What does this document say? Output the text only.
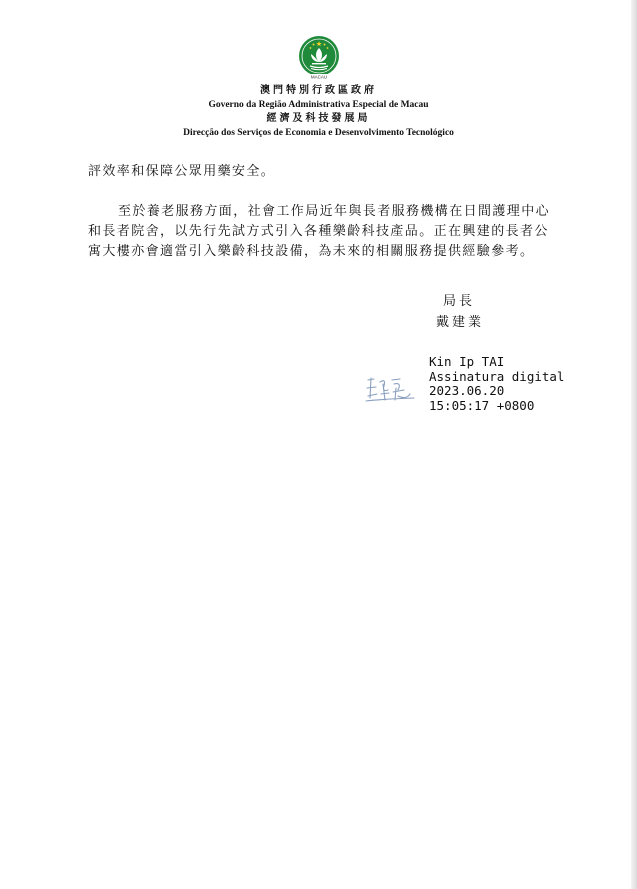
MACAU
澳門特別行政區政府
Governo da Região Administrativa Especial de Macau
經濟及科技發展局
Direcção dos Serviços de Economia e Desenvolvimento Tecnológico
評效率和保障公眾用藥安全。
至於養老服務方面，社會工作局近年與長者服務機構在日間護理中心
和長者院舍，以先行先試方式引入各種樂齡科技產品。正在興建的長者公
寓大樓亦會適當引入樂齡科技設備，為未來的相關服務提供經驗參考。
局長
戴建業
Kin Ip TAI
Assinatura digital
2023.06.20
15:05:17 +0800
